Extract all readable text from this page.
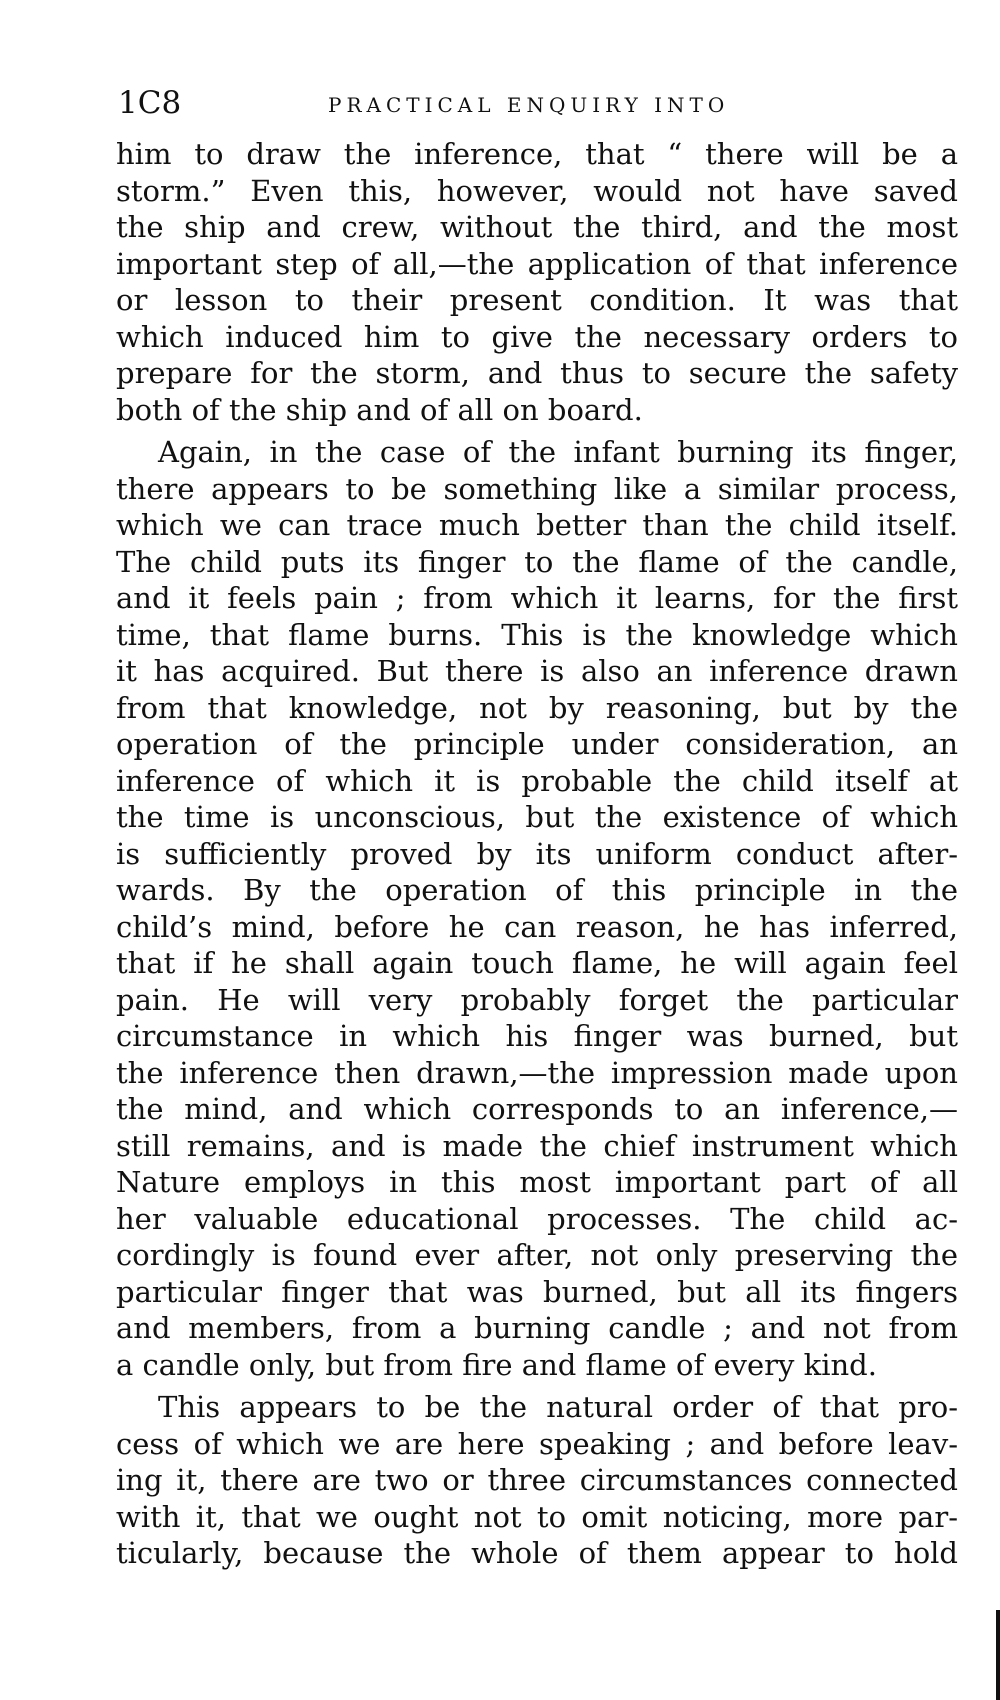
1C8	PRACTICAL ENQUIRY INTO
him to draw the inference, that “ there will be a
storm.” Even this, however, would not have saved
the ship and crew, without the third, and the most
important step of all,—the application of that inference
or lesson to their present condition. It was that
which induced him to give the necessary orders to
prepare for the storm, and thus to secure the safety
both of the ship and of all on board.
Again, in the case of the infant burning its finger,
there appears to be something like a similar process,
which we can trace much better than the child itself.
The child puts its finger to the flame of the candle,
and it feels pain ; from which it learns, for the first
time, that flame burns. This is the knowledge which
it has acquired. But there is also an inference drawn
from that knowledge, not by reasoning, but by the
operation of the principle under consideration, an
inference of which it is probable the child itself at
the time is unconscious, but the existence of which
is sufficiently proved by its uniform conduct after-
wards. By the operation of this principle in the
child’s mind, before he can reason, he has inferred,
that if he shall again touch flame, he will again feel
pain. He will very probably forget the particular
circumstance in which his finger was burned, but
the inference then drawn,—the impression made upon
the mind, and which corresponds to an inference,—
still remains, and is made the chief instrument which
Nature employs in this most important part of all
her valuable educational processes. The child ac-
cordingly is found ever after, not only preserving the
particular finger that was burned, but all its fingers
and members, from a burning candle ; and not from
a candle only, but from fire and flame of every kind.
This appears to be the natural order of that pro-
cess of which we are here speaking ; and before leav-
ing it, there are two or three circumstances connected
with it, that we ought not to omit noticing, more par-
ticularly, because the whole of them appear to hold
